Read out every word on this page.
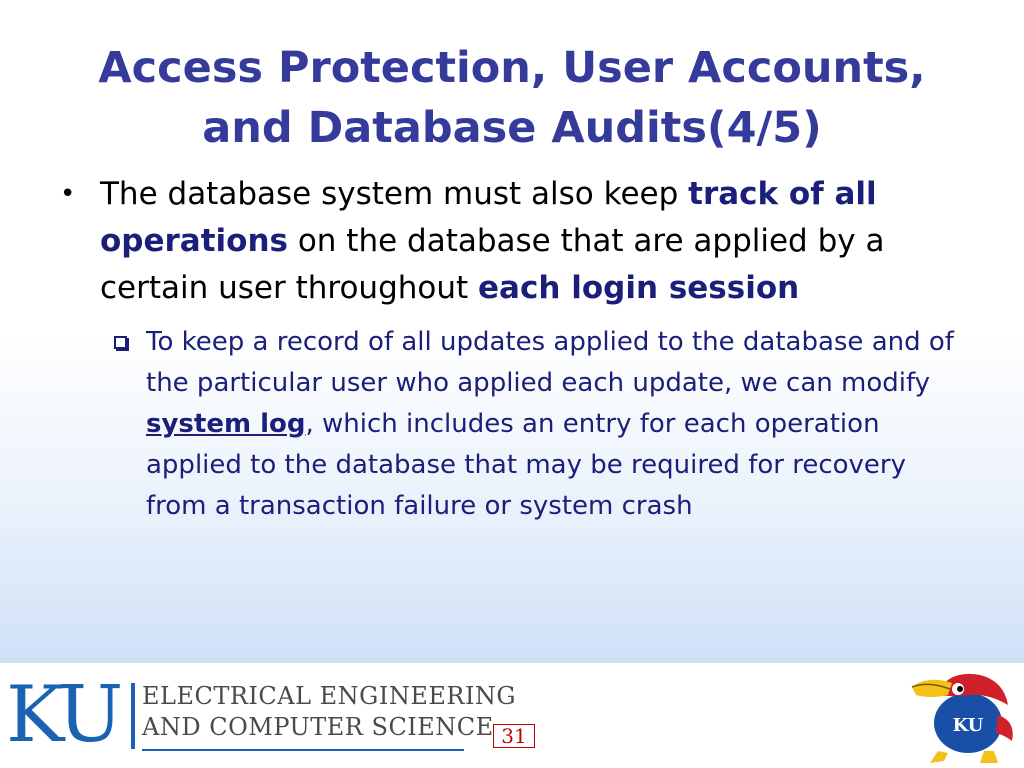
Access Protection, User Accounts,
and Database Audits(4/5)
• The database system must also keep track of all operations on the database that are applied by a certain user throughout each login session
To keep a record of all updates applied to the database and of the particular user who applied each update, we can modify system log, which includes an entry for each operation applied to the database that may be required for recovery from a transaction failure or system crash
KU ELECTRICAL ENGINEERING
AND COMPUTER SCIENCE 31	KU
